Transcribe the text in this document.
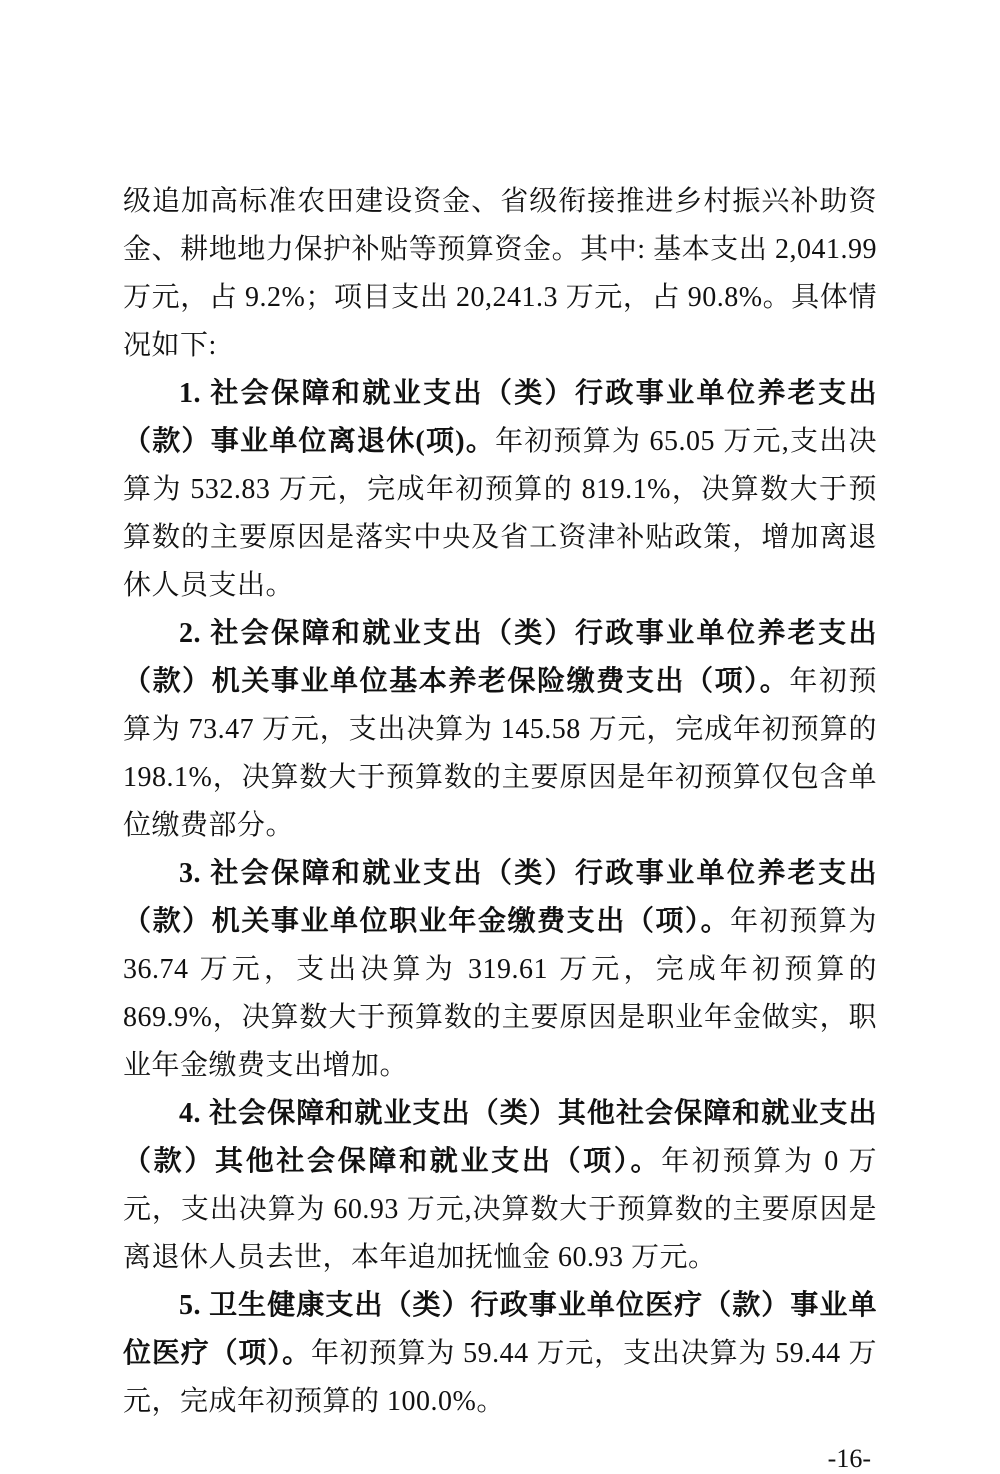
级追加高标准农田建设资金、省级衔接推进乡村振兴补助资金、耕地地力保护补贴等预算资金。其中: 基本支出 2,041.99 万元，占 9.2%；项目支出 20,241.3 万元，占 90.8%。具体情况如下:

1. 社会保障和就业支出（类）行政事业单位养老支出（款）事业单位离退休(项)。年初预算为 65.05 万元,支出决算为 532.83 万元，完成年初预算的 819.1%，决算数大于预算数的主要原因是落实中央及省工资津补贴政策，增加离退休人员支出。

2. 社会保障和就业支出（类）行政事业单位养老支出（款）机关事业单位基本养老保险缴费支出（项）。年初预算为 73.47 万元，支出决算为 145.58 万元，完成年初预算的 198.1%，决算数大于预算数的主要原因是年初预算仅包含单位缴费部分。

3. 社会保障和就业支出（类）行政事业单位养老支出（款）机关事业单位职业年金缴费支出（项）。年初预算为 36.74 万元，支出决算为 319.61 万元，完成年初预算的 869.9%，决算数大于预算数的主要原因是职业年金做实，职业年金缴费支出增加。

4. 社会保障和就业支出（类）其他社会保障和就业支出（款）其他社会保障和就业支出（项）。年初预算为 0 万元，支出决算为 60.93 万元,决算数大于预算数的主要原因是离退休人员去世，本年追加抚恤金 60.93 万元。

5. 卫生健康支出（类）行政事业单位医疗（款）事业单位医疗（项）。年初预算为 59.44 万元，支出决算为 59.44 万元，完成年初预算的 100.0%。

-16-
